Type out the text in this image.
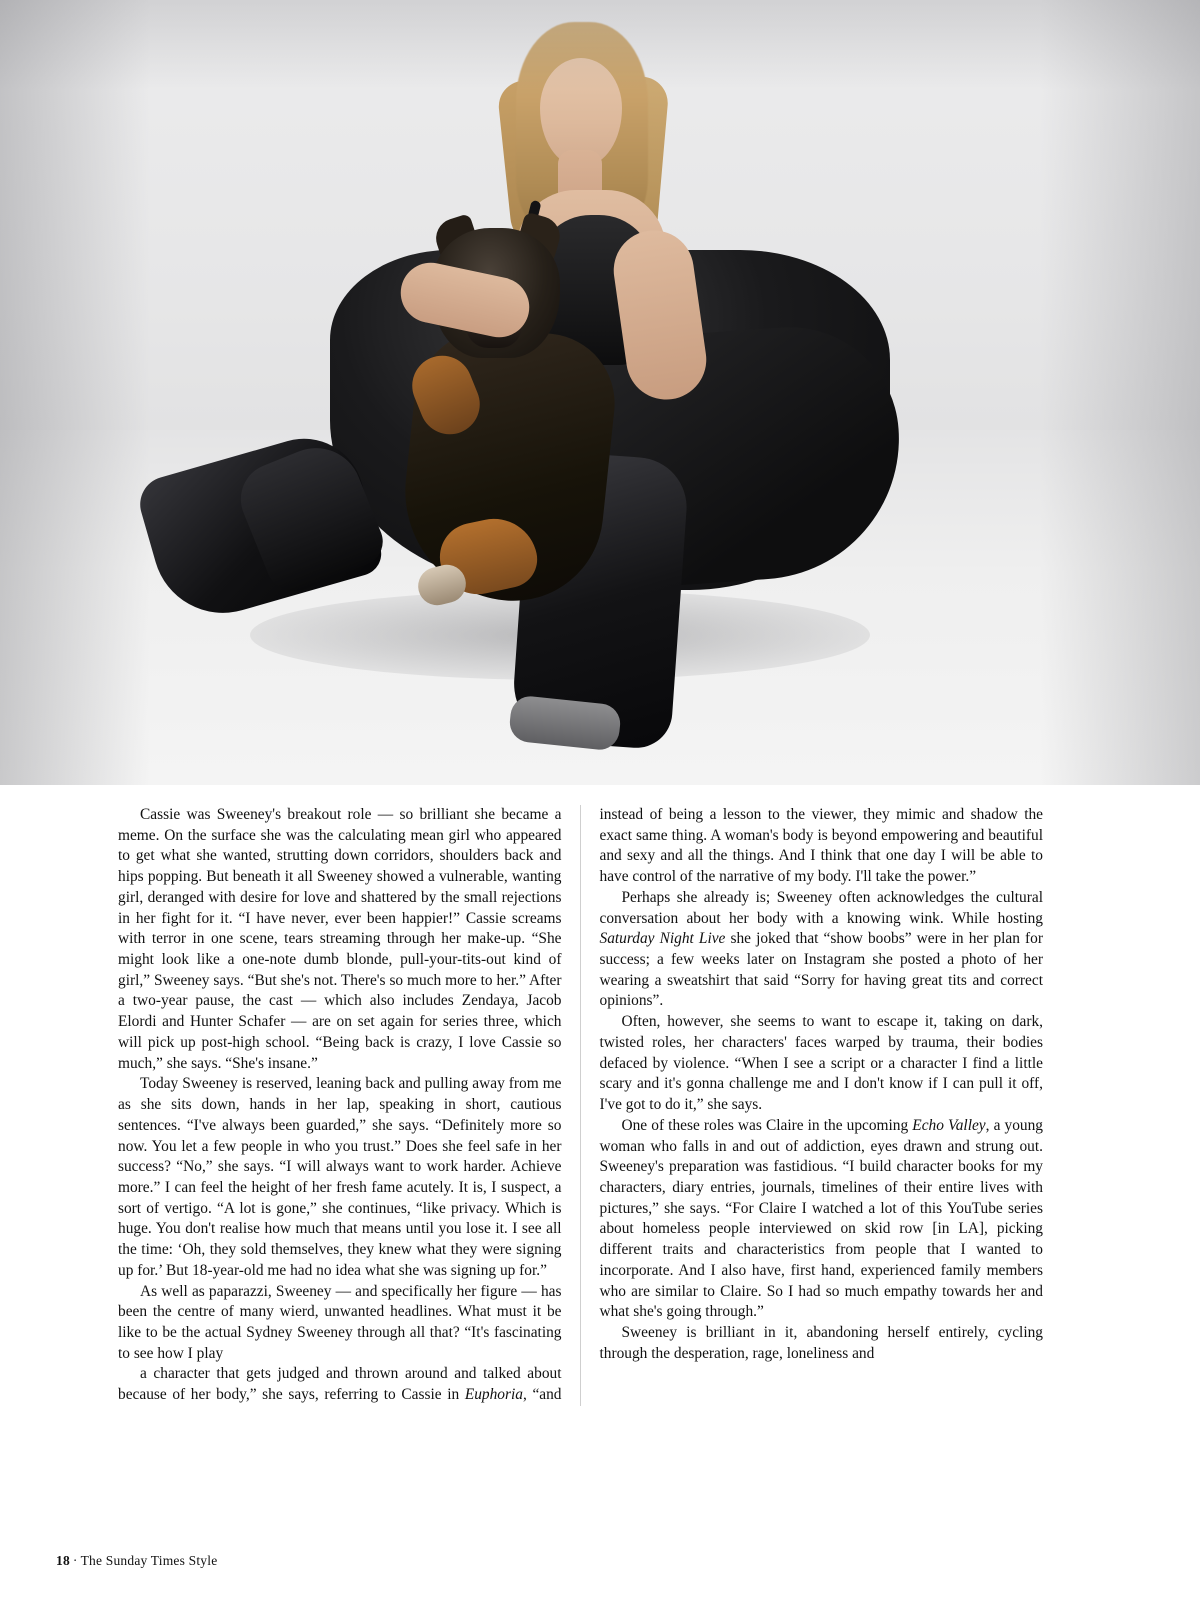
Cassie was Sweeney's breakout role — so brilliant she became a meme. On the surface she was the calculating mean girl who appeared to get what she wanted, strutting down corridors, shoulders back and hips popping. But beneath it all Sweeney showed a vulnerable, wanting girl, deranged with desire for love and shattered by the small rejections in her fight for it. “I have never, ever been happier!” Cassie screams with terror in one scene, tears streaming through her make-up. “She might look like a one-note dumb blonde, pull-your-tits-out kind of girl,” Sweeney says. “But she's not. There's so much more to her.” After a two-year pause, the cast — which also includes Zendaya, Jacob Elordi and Hunter Schafer — are on set again for series three, which will pick up post-high school. “Being back is crazy, I love Cassie so much,” she says. “She's insane.”

Today Sweeney is reserved, leaning back and pulling away from me as she sits down, hands in her lap, speaking in short, cautious sentences. “I've always been guarded,” she says. “Definitely more so now. You let a few people in who you trust.” Does she feel safe in her success? “No,” she says. “I will always want to work harder. Achieve more.” I can feel the height of her fresh fame acutely. It is, I suspect, a sort of vertigo. “A lot is gone,” she continues, “like privacy. Which is huge. You don't realise how much that means until you lose it. I see all the time: ‘Oh, they sold themselves, they knew what they were signing up for.’ But 18-year-old me had no idea what she was signing up for.”

As well as paparazzi, Sweeney — and specifically her figure — has been the centre of many wierd, unwanted headlines. What must it be like to be the actual Sydney Sweeney through all that? “It's fascinating to see how I play

a character that gets judged and thrown around and talked about because of her body,” she says, referring to Cassie in Euphoria, “and instead of being a lesson to the viewer, they mimic and shadow the exact same thing. A woman's body is beyond empowering and beautiful and sexy and all the things. And I think that one day I will be able to have control of the narrative of my body. I'll take the power.”

Perhaps she already is; Sweeney often acknowledges the cultural conversation about her body with a knowing wink. While hosting Saturday Night Live she joked that “show boobs” were in her plan for success; a few weeks later on Instagram she posted a photo of her wearing a sweatshirt that said “Sorry for having great tits and correct opinions”.

Often, however, she seems to want to escape it, taking on dark, twisted roles, her characters' faces warped by trauma, their bodies defaced by violence. “When I see a script or a character I find a little scary and it's gonna challenge me and I don't know if I can pull it off, I've got to do it,” she says.

One of these roles was Claire in the upcoming Echo Valley, a young woman who falls in and out of addiction, eyes drawn and strung out. Sweeney's preparation was fastidious. “I build character books for my characters, diary entries, journals, timelines of their entire lives with pictures,” she says. “For Claire I watched a lot of this YouTube series about homeless people interviewed on skid row [in LA], picking different traits and characteristics from people that I wanted to incorporate. And I also have, first hand, experienced family members who are similar to Claire. So I had so much empathy towards her and what she's going through.”

Sweeney is brilliant in it, abandoning herself entirely, cycling through the desperation, rage, loneliness and

18 · The Sunday Times Style
